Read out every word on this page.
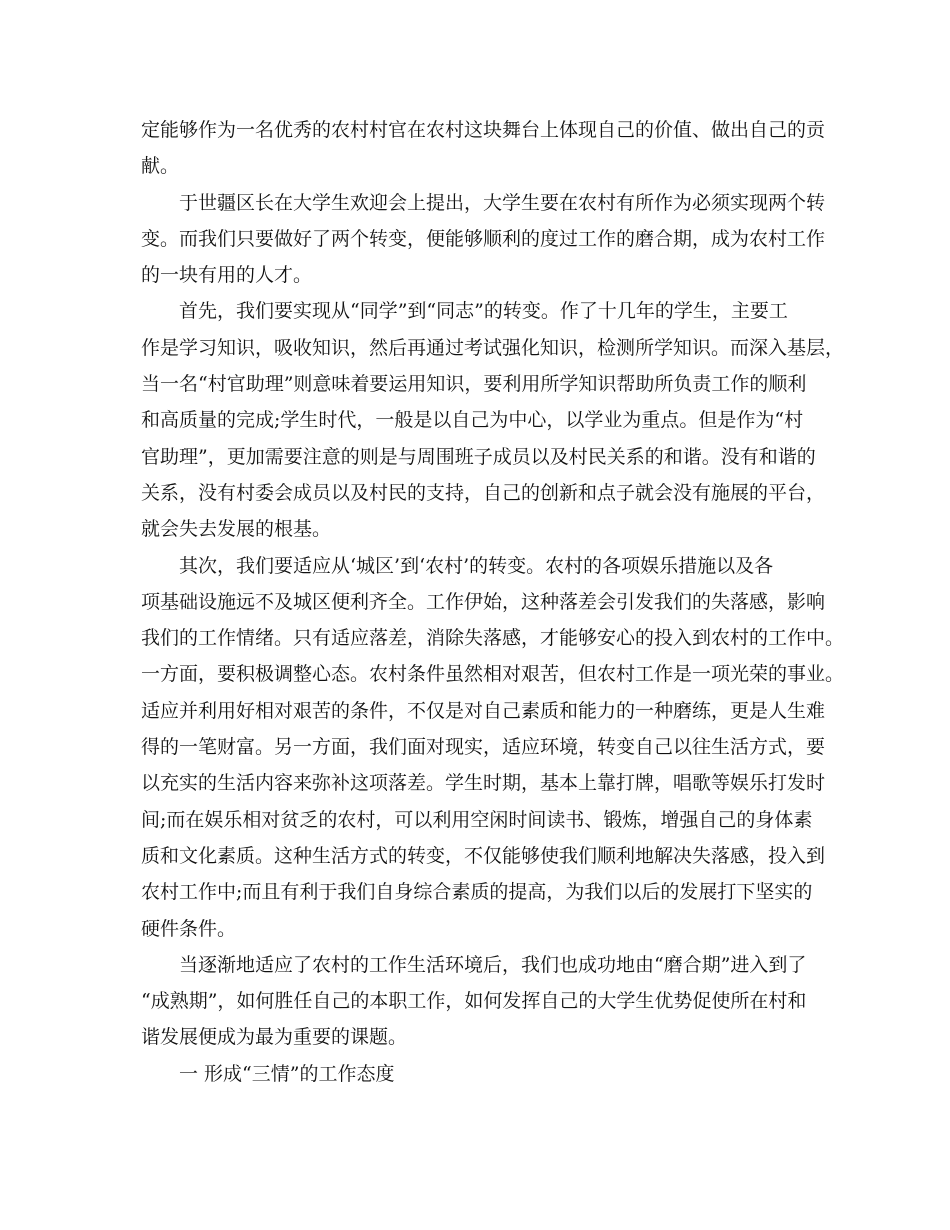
定能够作为一名优秀的农村村官在农村这块舞台上体现自己的价值、做出自己的贡
献。
于世疆区长在大学生欢迎会上提出，大学生要在农村有所作为必须实现两个转
变。而我们只要做好了两个转变，便能够顺利的度过工作的磨合期，成为农村工作
的一块有用的人才。
首先，我们要实现从“同学”到“同志”的转变。作了十几年的学生，主要工
作是学习知识，吸收知识，然后再通过考试强化知识，检测所学知识。而深入基层，
当一名“村官助理”则意味着要运用知识，要利用所学知识帮助所负责工作的顺利
和高质量的完成;学生时代，一般是以自己为中心，以学业为重点。但是作为“村
官助理”，更加需要注意的则是与周围班子成员以及村民关系的和谐。没有和谐的
关系，没有村委会成员以及村民的支持，自己的创新和点子就会没有施展的平台，
就会失去发展的根基。
其次，我们要适应从‘城区’到‘农村’的转变。农村的各项娱乐措施以及各
项基础设施远不及城区便利齐全。工作伊始，这种落差会引发我们的失落感，影响
我们的工作情绪。只有适应落差，消除失落感，才能够安心的投入到农村的工作中。
一方面，要积极调整心态。农村条件虽然相对艰苦，但农村工作是一项光荣的事业。
适应并利用好相对艰苦的条件，不仅是对自己素质和能力的一种磨练，更是人生难
得的一笔财富。另一方面，我们面对现实，适应环境，转变自己以往生活方式，要
以充实的生活内容来弥补这项落差。学生时期，基本上靠打牌，唱歌等娱乐打发时
间;而在娱乐相对贫乏的农村，可以利用空闲时间读书、锻炼，增强自己的身体素
质和文化素质。这种生活方式的转变，不仅能够使我们顺利地解决失落感，投入到
农村工作中;而且有利于我们自身综合素质的提高，为我们以后的发展打下坚实的
硬件条件。
当逐渐地适应了农村的工作生活环境后，我们也成功地由“磨合期”进入到了
“成熟期”，如何胜任自己的本职工作，如何发挥自己的大学生优势促使所在村和
谐发展便成为最为重要的课题。
一 形成“三情”的工作态度
